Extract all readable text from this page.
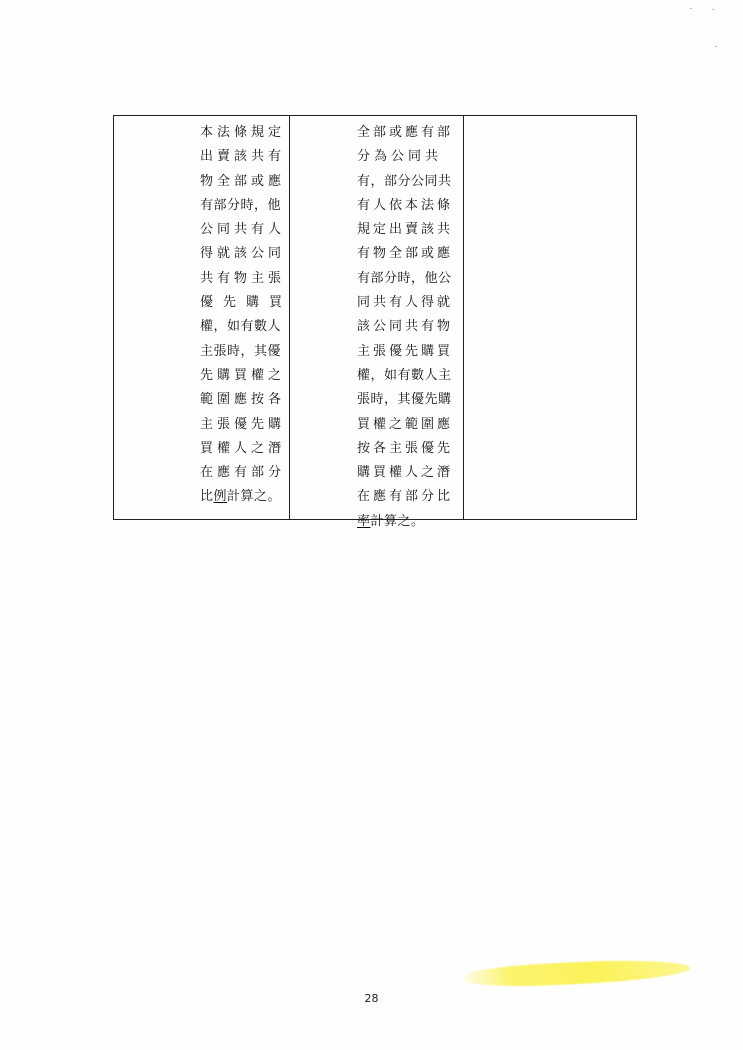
本法條規定
出賣該共有
物全部或應
有部分時，他
公同共有人
得就該公同
共有物主張
優先購買
權，如有數人
主張時，其優
先購買權之
範圍應按各
主張優先購
買權人之潛
在應有部分
比例計算之。
全部或應有部
分為公同共
有，部分公同共
有人依本法條
規定出賣該共
有物全部或應
有部分時，他公
同共有人得就
該公同共有物
主張優先購買
權，如有數人主
張時，其優先購
買權之範圍應
按各主張優先
購買權人之潛
在應有部分比
率計算之。
28
